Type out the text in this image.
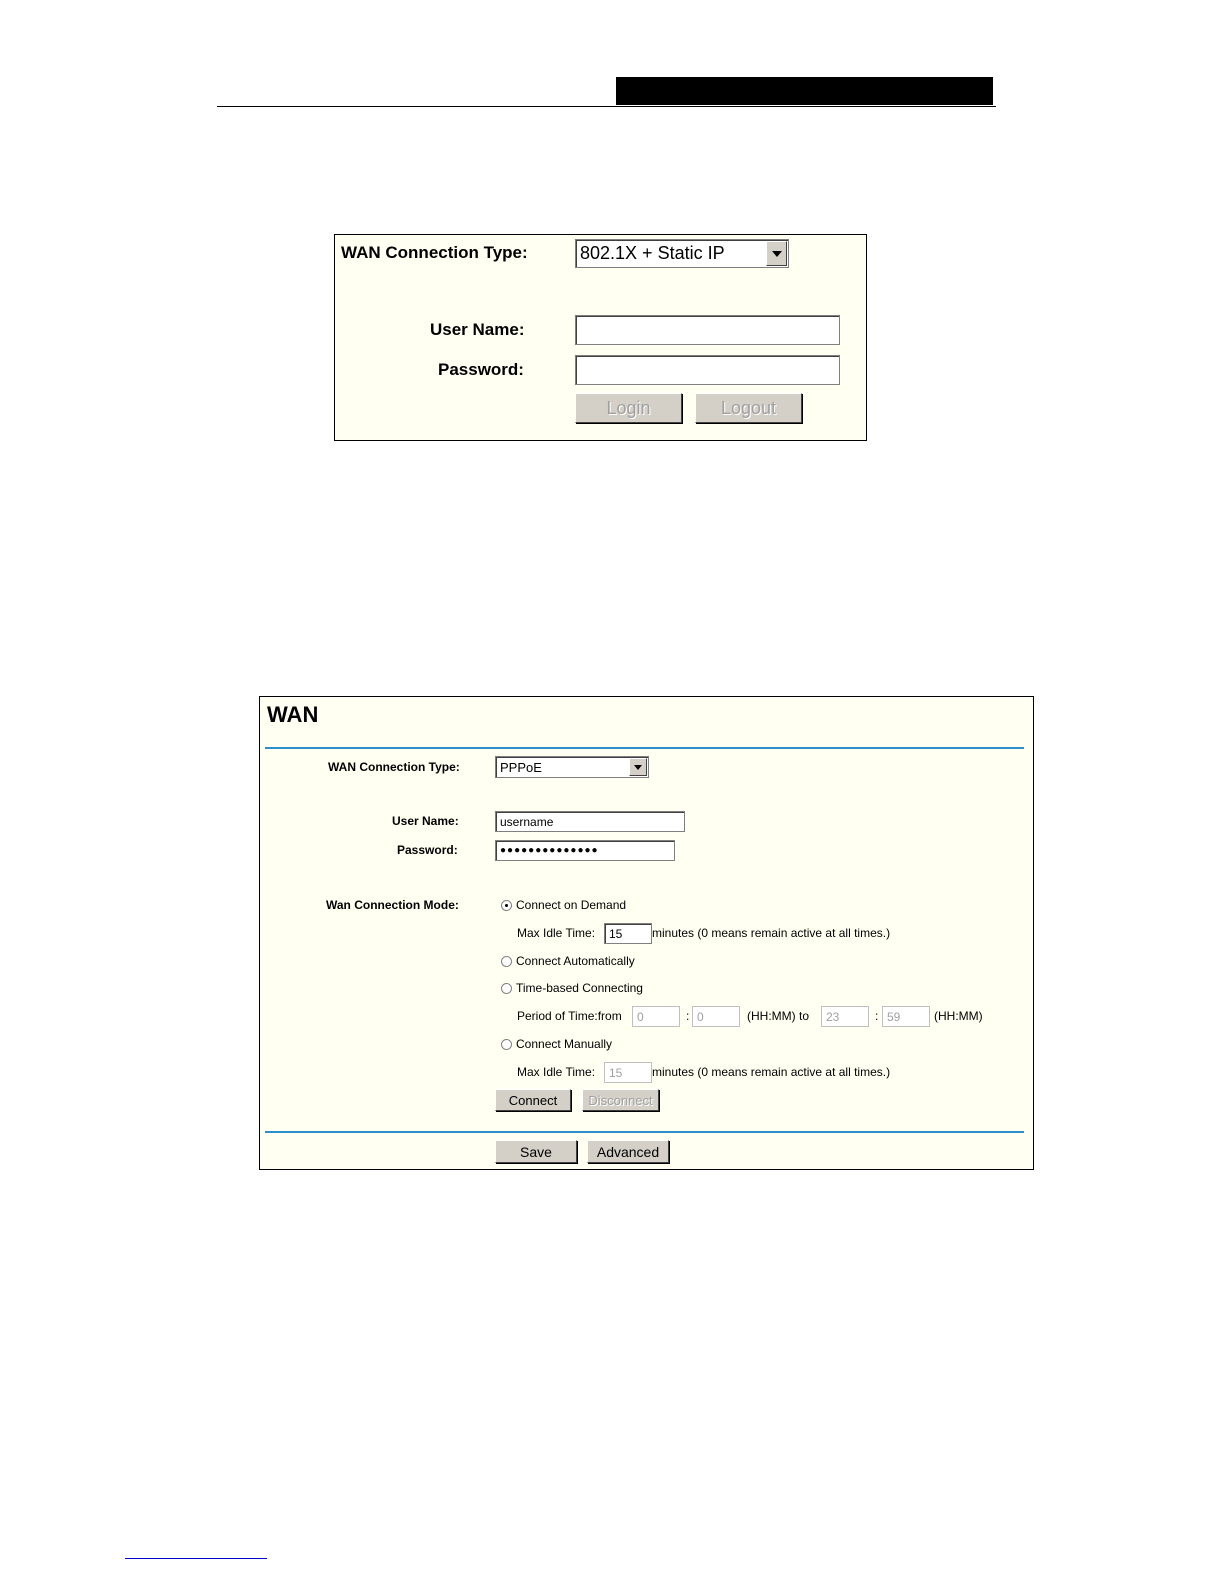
WAN Connection Type:	802.1X + Static IP
User Name:
Password:
Login	Logout
WAN
WAN Connection Type:	PPPoE
User Name:	username
Password:	●●●●●●●●●●●●●●
Wan Connection Mode:	Connect on Demand
Max Idle Time:	15	minutes (0 means remain active at all times.)
Connect Automatically
Time-based Connecting
Period of Time:from	0	: 0	(HH:MM) to	23	: 59	(HH:MM)
Connect Manually
Max Idle Time:	15	minutes (0 means remain active at all times.)
Connect	Disconnect
Save	Advanced
